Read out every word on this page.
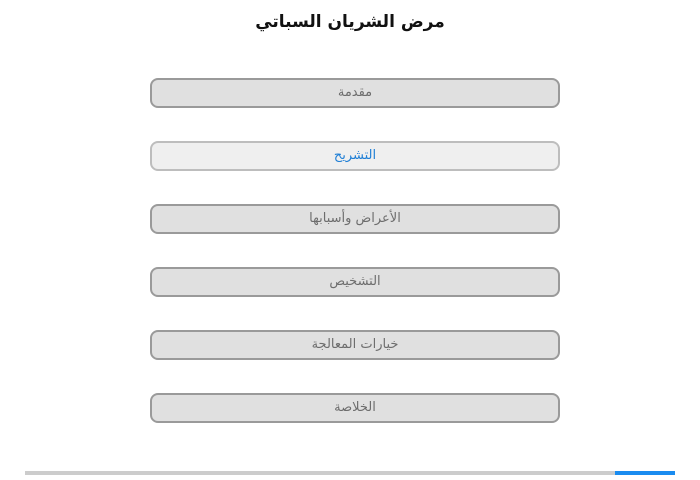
مرض الشريان السباتي
مقدمة
التشريح
الأعراض وأسبابها
التشخيص
خيارات المعالجة
الخلاصة
